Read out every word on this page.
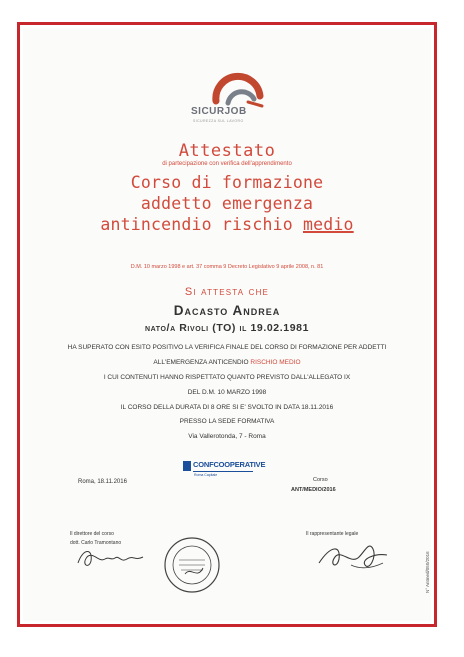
SICURJOB
SICUREZZA SUL LAVORO
Attestato
di partecipazione con verifica dell'apprendimento
Corso di formazione
addetto emergenza
antincendio rischio medio
D.M. 10 marzo 1998 e art. 37 comma 9 Decreto Legislativo 9 aprile 2008, n. 81
Si attesta che
Dacasto Andrea
nato/a Rivoli (TO) il 19.02.1981
HA SUPERATO CON ESITO POSITIVO LA VERIFICA FINALE DEL CORSO DI FORMAZIONE PER ADDETTI
ALL'EMERGENZA ANTICENDIO RISCHIO MEDIO
I CUI CONTENUTI HANNO RISPETTATO QUANTO PREVISTO DALL'ALLEGATO IX
DEL D.M. 10 MARZO 1998
IL CORSO DELLA DURATA DI 8 ORE SI E' SVOLTO IN DATA 18.11.2016
PRESSO LA SEDE FORMATIVA
Via Vallerotonda, 7 - Roma
CONFCOOPERATIVE
Roma Capitale
Roma, 18.11.2016	Corso
ANT/MEDIO/2016
Il direttore del corso
dott. Carlo Tramontano
Il rappresentante legale
N° Antmed/050/2016
